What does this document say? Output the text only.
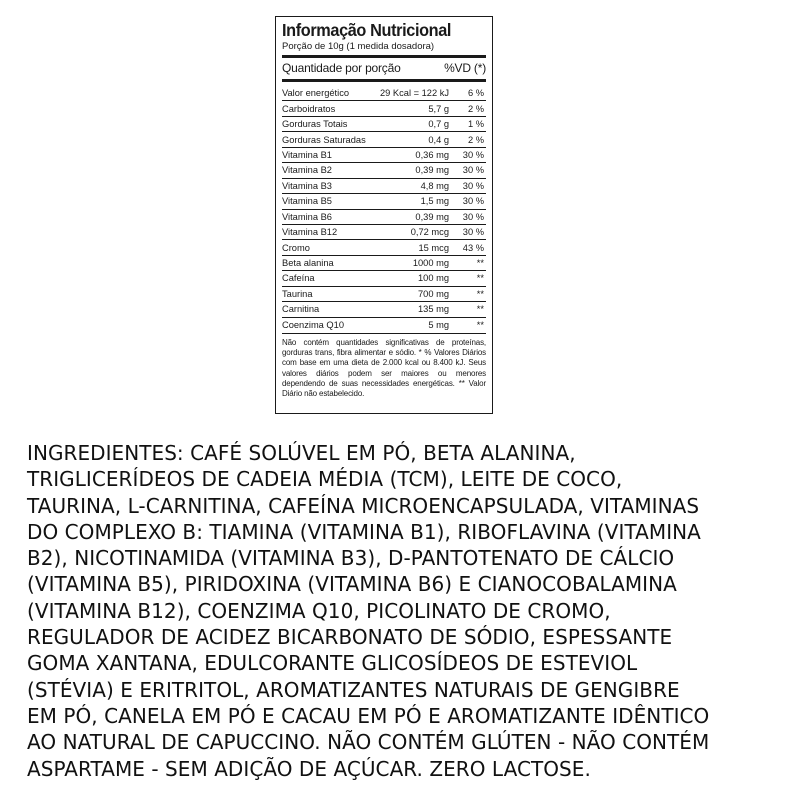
Informação Nutricional
Porção de 10g (1 medida dosadora)
Quantidade por porção	%VD (*)
Valor energético	29 Kcal = 122 kJ	6 %
Carboidratos	5,7 g	2 %
Gorduras Totais	0,7 g	1 %
Gorduras Saturadas	0,4 g	2 %
Vitamina B1	0,36 mg	30 %
Vitamina B2	0,39 mg	30 %
Vitamina B3	4,8 mg	30 %
Vitamina B5	1,5 mg	30 %
Vitamina B6	0,39 mg	30 %
Vitamina B12	0,72 mcg	30 %
Cromo	15 mcg	43 %
Beta alanina	1000 mg	**
Cafeína	100 mg	**
Taurina	700 mg	**
Carnitina	135 mg	**
Coenzima Q10	5 mg	**
Não contém quantidades significativas de proteínas, gorduras trans, fibra alimentar e sódio. * % Valores Diários com base em uma dieta de 2.000 kcal ou 8.400 kJ. Seus valores diários podem ser maiores ou menores dependendo de suas necessidades energéticas. ** Valor Diário não estabelecido.

INGREDIENTES: CAFÉ SOLÚVEL EM PÓ, BETA ALANINA,
TRIGLICERÍDEOS DE CADEIA MÉDIA (TCM), LEITE DE COCO,
TAURINA, L-CARNITINA, CAFEÍNA MICROENCAPSULADA, VITAMINAS
DO COMPLEXO B: TIAMINA (VITAMINA B1), RIBOFLAVINA (VITAMINA
B2), NICOTINAMIDA (VITAMINA B3), D-PANTOTENATO DE CÁLCIO
(VITAMINA B5), PIRIDOXINA (VITAMINA B6) E CIANOCOBALAMINA
(VITAMINA B12), COENZIMA Q10, PICOLINATO DE CROMO,
REGULADOR DE ACIDEZ BICARBONATO DE SÓDIO, ESPESSANTE
GOMA XANTANA, EDULCORANTE GLICOSÍDEOS DE ESTEVIOL
(STÉVIA) E ERITRITOL, AROMATIZANTES NATURAIS DE GENGIBRE
EM PÓ, CANELA EM PÓ E CACAU EM PÓ E AROMATIZANTE IDÊNTICO
AO NATURAL DE CAPUCCINO. NÃO CONTÉM GLÚTEN - NÃO CONTÉM
ASPARTAME - SEM ADIÇÃO DE AÇÚCAR. ZERO LACTOSE.
